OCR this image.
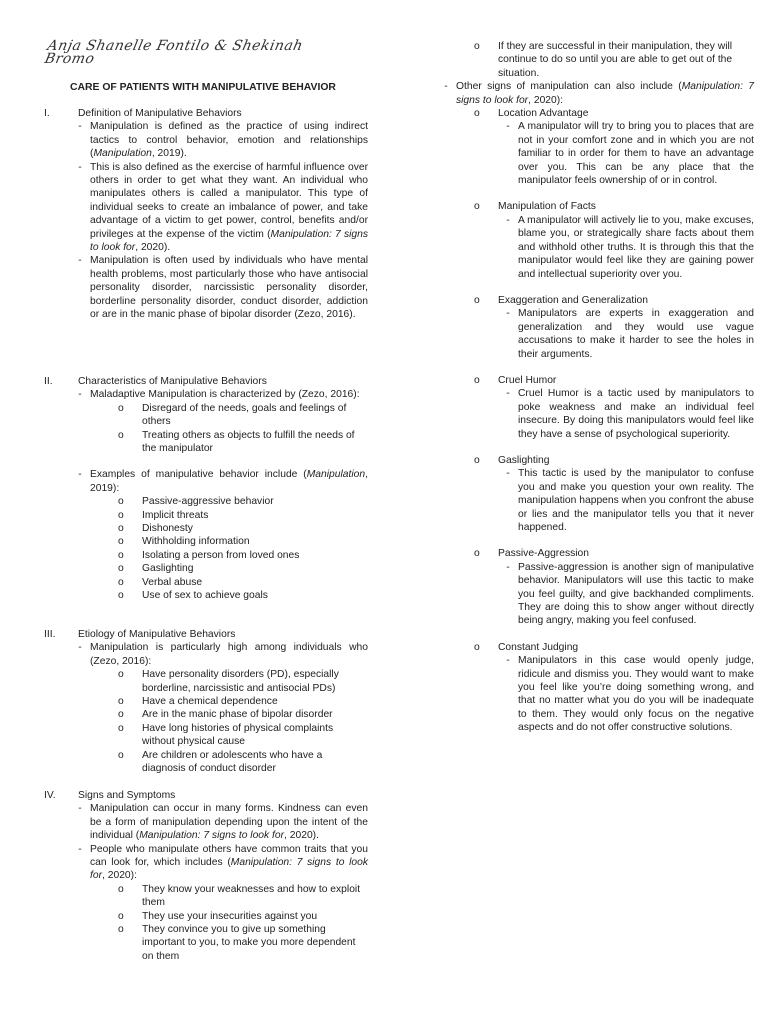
Anja Shanelle Fontilo & Shekinah Bromo
CARE OF PATIENTS WITH MANIPULATIVE BEHAVIOR
I.	Definition of Manipulative Behaviors
- Manipulation is defined as the practice of using indirect tactics to control behavior, emotion and relationships (Manipulation, 2019).
- This is also defined as the exercise of harmful influence over others in order to get what they want. An individual who manipulates others is called a manipulator. This type of individual seeks to create an imbalance of power, and take advantage of a victim to get power, control, benefits and/or privileges at the expense of the victim (Manipulation: 7 signs to look for, 2020).
- Manipulation is often used by individuals who have mental health problems, most particularly those who have antisocial personality disorder, narcissistic personality disorder, borderline personality disorder, conduct disorder, addiction or are in the manic phase of bipolar disorder (Zezo, 2016).
II.	Characteristics of Manipulative Behaviors
- Maladaptive Manipulation is characterized by (Zezo, 2016):
o	Disregard of the needs, goals and feelings of others
o	Treating others as objects to fulfill the needs of the manipulator
- Examples of manipulative behavior include (Manipulation, 2019):
o	Passive-aggressive behavior
o	Implicit threats
o	Dishonesty
o	Withholding information
o	Isolating a person from loved ones
o	Gaslighting
o	Verbal abuse
o	Use of sex to achieve goals
III.	Etiology of Manipulative Behaviors
- Manipulation is particularly high among individuals who (Zezo, 2016):
o	Have personality disorders (PD), especially borderline, narcissistic and antisocial PDs)
o	Have a chemical dependence
o	Are in the manic phase of bipolar disorder
o	Have long histories of physical complaints without physical cause
o	Are children or adolescents who have a diagnosis of conduct disorder
IV.	Signs and Symptoms
- Manipulation can occur in many forms. Kindness can even be a form of manipulation depending upon the intent of the individual (Manipulation: 7 signs to look for, 2020).
- People who manipulate others have common traits that you can look for, which includes (Manipulation: 7 signs to look for, 2020):
o	They know your weaknesses and how to exploit them
o	They use your insecurities against you
o	They convince you to give up something important to you, to make you more dependent on them
o	If they are successful in their manipulation, they will continue to do so until you are able to get out of the situation.
- Other signs of manipulation can also include (Manipulation: 7 signs to look for, 2020):
o	Location Advantage
- A manipulator will try to bring you to places that are not in your comfort zone and in which you are not familiar to in order for them to have an advantage over you. This can be any place that the manipulator feels ownership of or in control.
o	Manipulation of Facts
- A manipulator will actively lie to you, make excuses, blame you, or strategically share facts about them and withhold other truths. It is through this that the manipulator would feel like they are gaining power and intellectual superiority over you.
o	Exaggeration and Generalization
- Manipulators are experts in exaggeration and generalization and they would use vague accusations to make it harder to see the holes in their arguments.
o	Cruel Humor
- Cruel Humor is a tactic used by manipulators to poke weakness and make an individual feel insecure. By doing this manipulators would feel like they have a sense of psychological superiority.
o	Gaslighting
- This tactic is used by the manipulator to confuse you and make you question your own reality. The manipulation happens when you confront the abuse or lies and the manipulator tells you that it never happened.
o	Passive-Aggression
- Passive-aggression is another sign of manipulative behavior. Manipulators will use this tactic to make you feel guilty, and give backhanded compliments. They are doing this to show anger without directly being angry, making you feel confused.
o	Constant Judging
- Manipulators in this case would openly judge, ridicule and dismiss you. They would want to make you feel like you’re doing something wrong, and that no matter what you do you will be inadequate to them. They would only focus on the negative aspects and do not offer constructive solutions.
